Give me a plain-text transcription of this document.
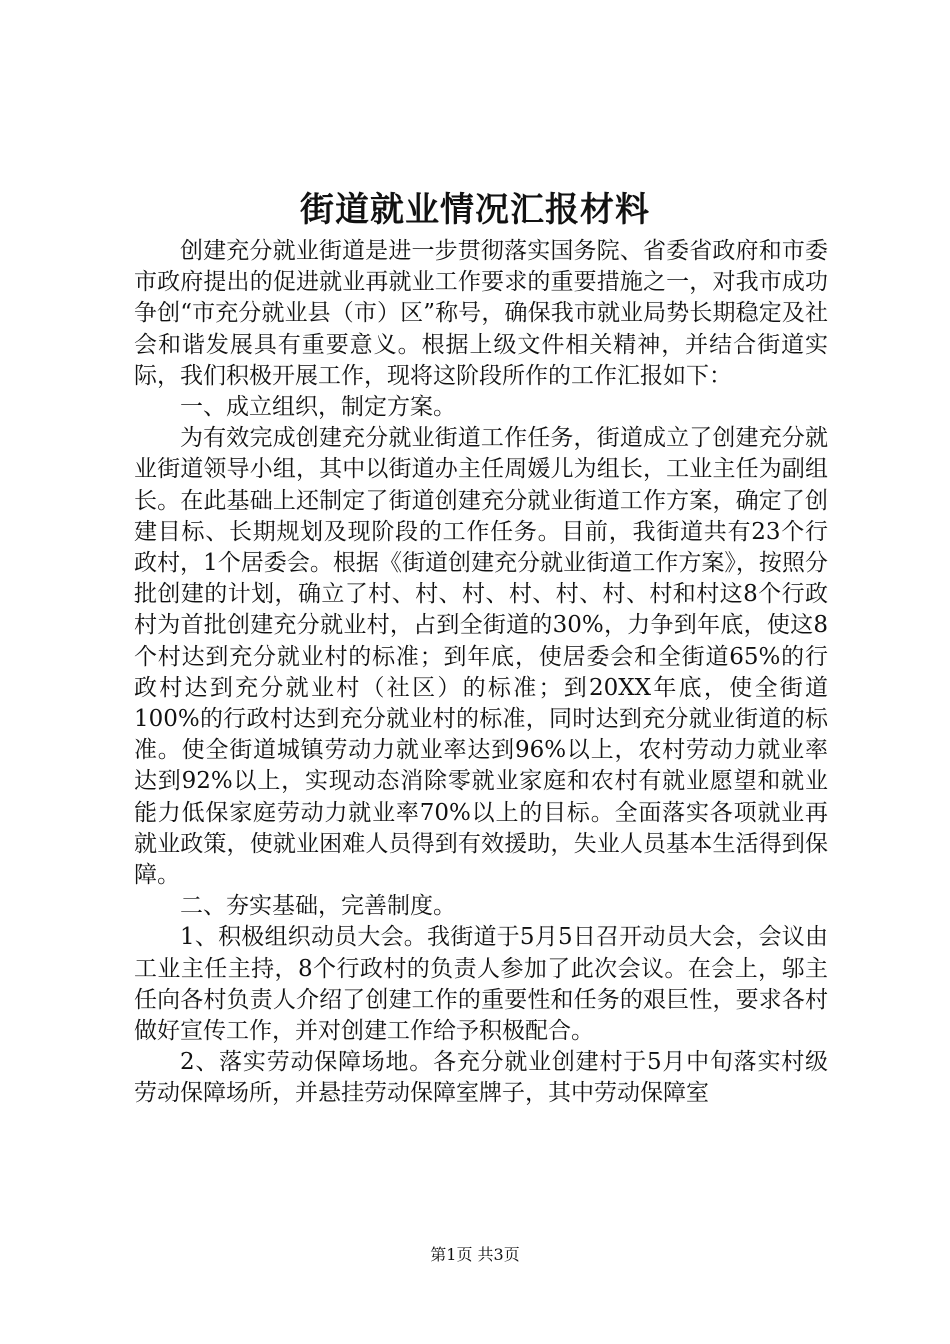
街道就业情况汇报材料

创建充分就业街道是进一步贯彻落实国务院、省委省政府和市委市政府提出的促进就业再就业工作要求的重要措施之一，对我市成功争创“市充分就业县（市）区”称号，确保我市就业局势长期稳定及社会和谐发展具有重要意义。根据上级文件相关精神，并结合街道实际，我们积极开展工作，现将这阶段所作的工作汇报如下：

一、成立组织，制定方案。

为有效完成创建充分就业街道工作任务，街道成立了创建充分就业街道领导小组，其中以街道办主任周媛儿为组长，工业主任为副组长。在此基础上还制定了街道创建充分就业街道工作方案，确定了创建目标、长期规划及现阶段的工作任务。目前，我街道共有23个行政村，1个居委会。根据《街道创建充分就业街道工作方案》，按照分批创建的计划，确立了村、村、村、村、村、村、村和村这8个行政村为首批创建充分就业村，占到全街道的30%，力争到年底，使这8个村达到充分就业村的标准；到年底，使居委会和全街道65%的行政村达到充分就业村（社区）的标准；到20XX年底，使全街道100%的行政村达到充分就业村的标准，同时达到充分就业街道的标准。使全街道城镇劳动力就业率达到96%以上，农村劳动力就业率达到92%以上，实现动态消除零就业家庭和农村有就业愿望和就业能力低保家庭劳动力就业率70%以上的目标。全面落实各项就业再就业政策，使就业困难人员得到有效援助，失业人员基本生活得到保障。

二、夯实基础，完善制度。

1、积极组织动员大会。我街道于5月5日召开动员大会，会议由工业主任主持，8个行政村的负责人参加了此次会议。在会上，邬主任向各村负责人介绍了创建工作的重要性和任务的艰巨性，要求各村做好宣传工作，并对创建工作给予积极配合。

2、落实劳动保障场地。各充分就业创建村于5月中旬落实村级劳动保障场所，并悬挂劳动保障室牌子，其中劳动保障室

第1页 共3页
